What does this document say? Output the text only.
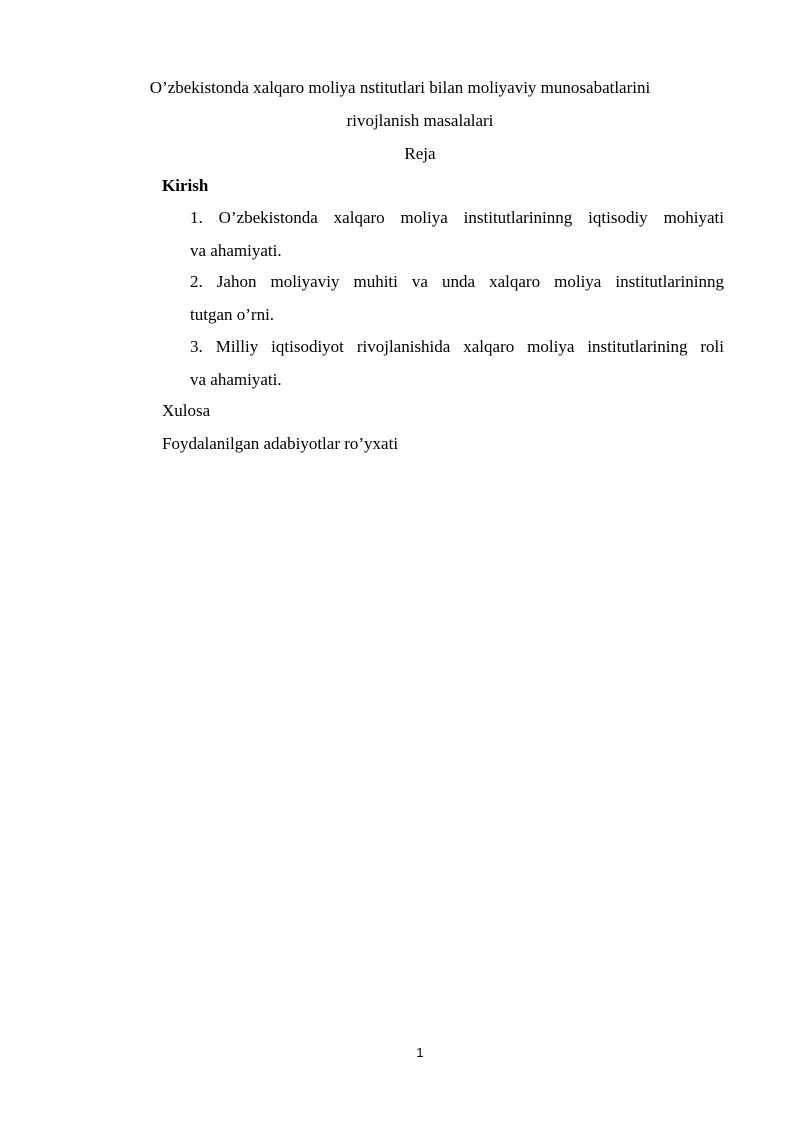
O’zbekistonda xalqaro moliya nstitutlari bilan moliyaviy munosabatlarini
rivojlanish masalalari
Reja
Kirish
1. O’zbekistonda xalqaro moliya institutlarininng iqtisodiy mohiyati
va ahamiyati.
2. Jahon moliyaviy muhiti va unda xalqaro moliya institutlarininng
tutgan o’rni.
3. Milliy iqtisodiyot rivojlanishida xalqaro moliya institutlarining roli
va ahamiyati.
Xulosa
Foydalanilgan adabiyotlar ro’yxati
1
